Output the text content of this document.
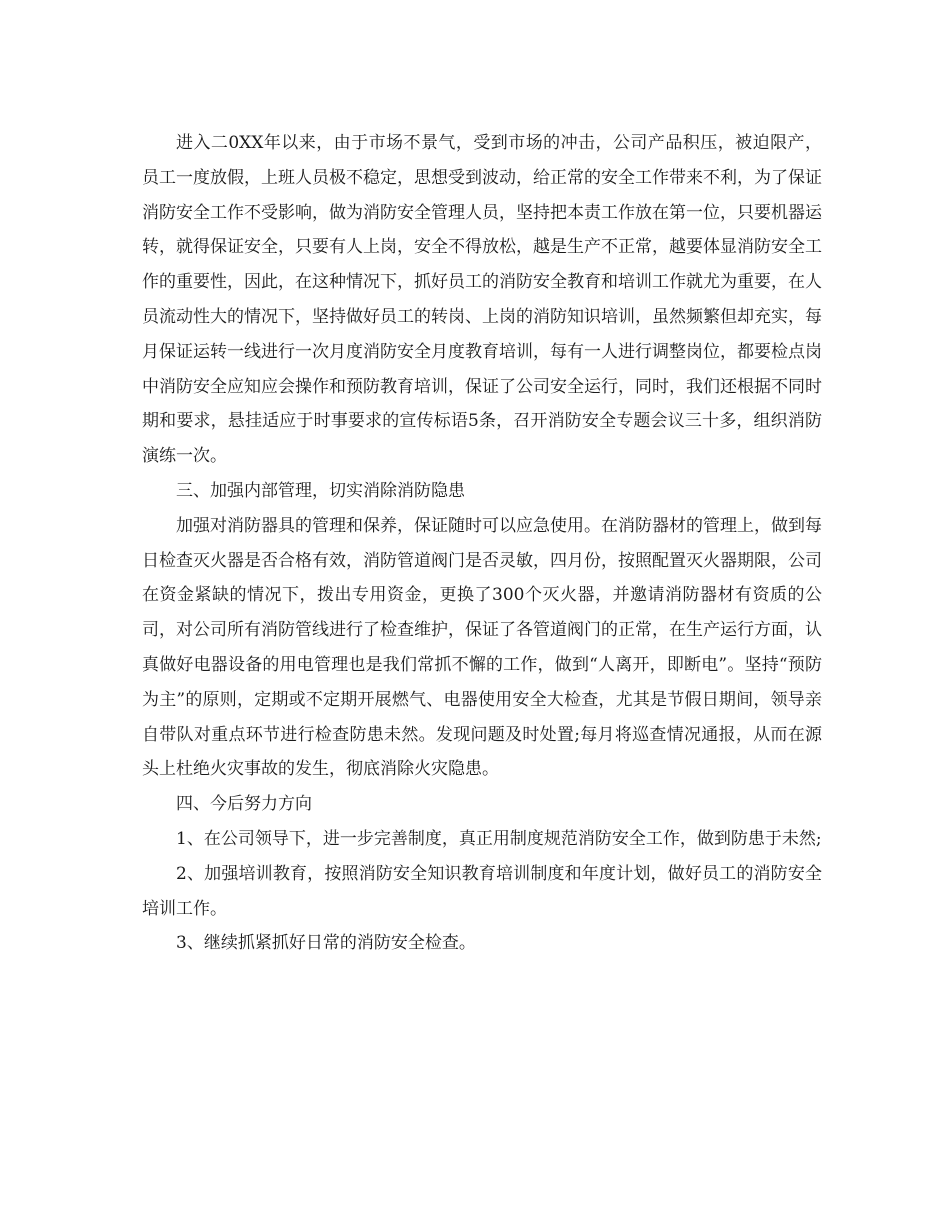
进入二0XX年以来，由于市场不景气，受到市场的冲击，公司产品积压，被迫限产，员工一度放假，上班人员极不稳定，思想受到波动，给正常的安全工作带来不利，为了保证消防安全工作不受影响，做为消防安全管理人员，坚持把本责工作放在第一位，只要机器运转，就得保证安全，只要有人上岗，安全不得放松，越是生产不正常，越要体显消防安全工作的重要性，因此，在这种情况下，抓好员工的消防安全教育和培训工作就尤为重要，在人员流动性大的情况下，坚持做好员工的转岗、上岗的消防知识培训，虽然频繁但却充实，每月保证运转一线进行一次月度消防安全月度教育培训，每有一人进行调整岗位，都要检点岗中消防安全应知应会操作和预防教育培训，保证了公司安全运行，同时，我们还根据不同时期和要求，悬挂适应于时事要求的宣传标语5条，召开消防安全专题会议三十多，组织消防演练一次。

三、加强内部管理，切实消除消防隐患

加强对消防器具的管理和保养，保证随时可以应急使用。在消防器材的管理上，做到每日检查灭火器是否合格有效，消防管道阀门是否灵敏，四月份，按照配置灭火器期限，公司在资金紧缺的情况下，拨出专用资金，更换了300个灭火器，并邀请消防器材有资质的公司，对公司所有消防管线进行了检查维护，保证了各管道阀门的正常，在生产运行方面，认真做好电器设备的用电管理也是我们常抓不懈的工作，做到“人离开，即断电”。坚持“预防为主”的原则，定期或不定期开展燃气、电器使用安全大检查，尤其是节假日期间，领导亲自带队对重点环节进行检查防患未然。发现问题及时处置;每月将巡查情况通报，从而在源头上杜绝火灾事故的发生，彻底消除火灾隐患。

四、今后努力方向

1、在公司领导下，进一步完善制度，真正用制度规范消防安全工作，做到防患于未然;

2、加强培训教育，按照消防安全知识教育培训制度和年度计划，做好员工的消防安全培训工作。

3、继续抓紧抓好日常的消防安全检查。
